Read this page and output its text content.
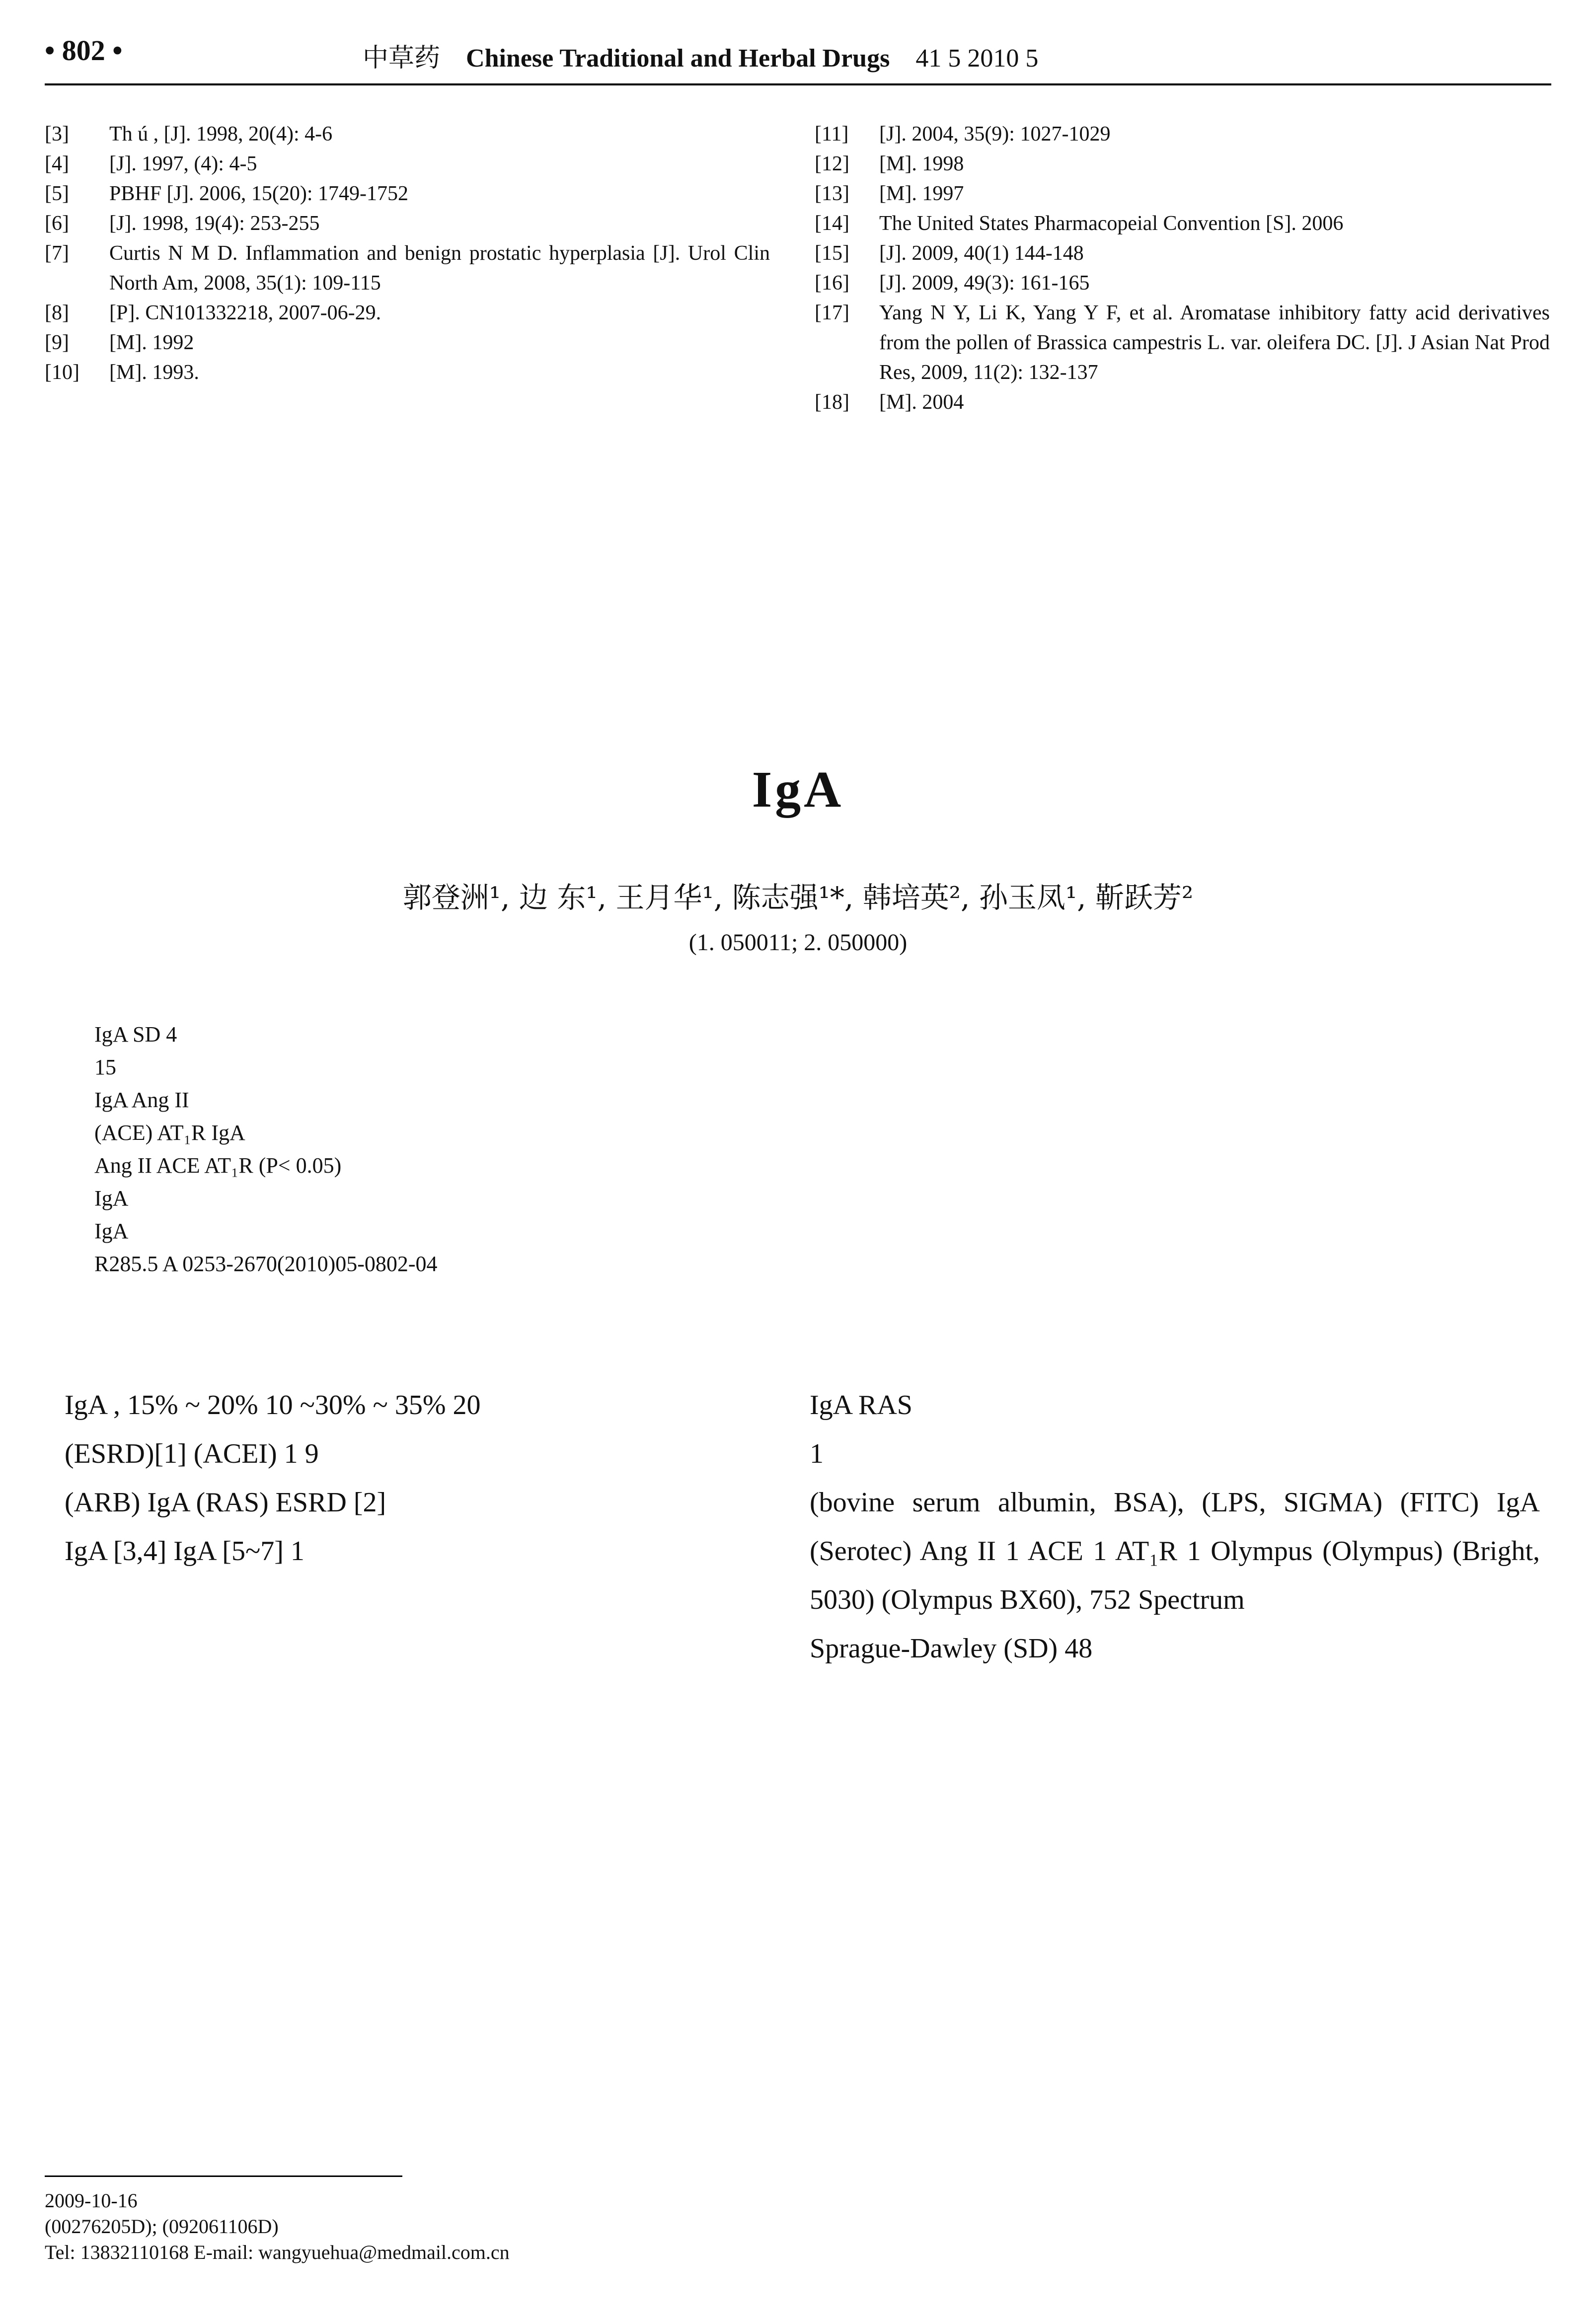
• 802 •	中草药 Chinese Traditional and Herbal Drugs 41 5 2010 5
[3]	Th ú , [J]. 1998, 20(4): 4-6
[4]	[J]. 1997, (4): 4-5
[5]	PBHF [J]. 2006, 15(20): 1749-1752
[6]	[J]. 1998, 19(4): 253-255
[7]	Curtis N M D. Inflammation and benign prostatic hyperplasia [J]. Urol Clin North Am, 2008, 35(1): 109-115
[8]	[P]. CN101332218, 2007-06-29.
[9]	[M]. 1992
[10]	[M]. 1993.
[11]	[J]. 2004, 35(9): 1027-1029
[12]	[M]. 1998
[13]	[M]. 1997
[14]	The United States Pharmacopeial Convention [S]. 2006
[15]	[J]. 2009, 40(1) 144-148
[16]	[J]. 2009, 49(3): 161-165
[17]	Yang N Y, Li K, Yang Y F, et al. Aromatase inhibitory fatty acid derivatives from the pollen of Brassica campestris L. var. oleifera DC. [J]. J Asian Nat Prod Res, 2009, 11(2): 132-137
[18]	[M]. 2004
IgA
郭登洲¹, 边 东¹, 王月华¹, 陈志强¹*, 韩培英², 孙玉凤¹, 靳跃芳²
(1. 050011; 2. 050000)

IgA SD 4

15

IgA Ang II

(ACE) AT₁R IgA

Ang II ACE AT₁R (P< 0.05)

IgA

IgA

R285.5 A 0253-2670(2010)05-0802-04

IgA , 15% ~ 20% 10 ~30% ~ 35% 20

(ESRD)[1] (ACEI) 1 9

(ARB) IgA (RAS) ESRD [2]

IgA [3,4] IgA [5~7] 1

IgA RAS

1

(bovine serum albumin, BSA), (LPS, SIGMA) (FITC) IgA (Serotec) Ang II 1 ACE 1 AT₁R 1 Olympus (Olympus) (Bright, 5030) (Olympus BX60), 752 Spectrum

Sprague-Dawley (SD) 48

2009-10-16

(00276205D); (092061106D)

Tel: 13832110168 E-mail: wangyuehua@medmail.com.cn
